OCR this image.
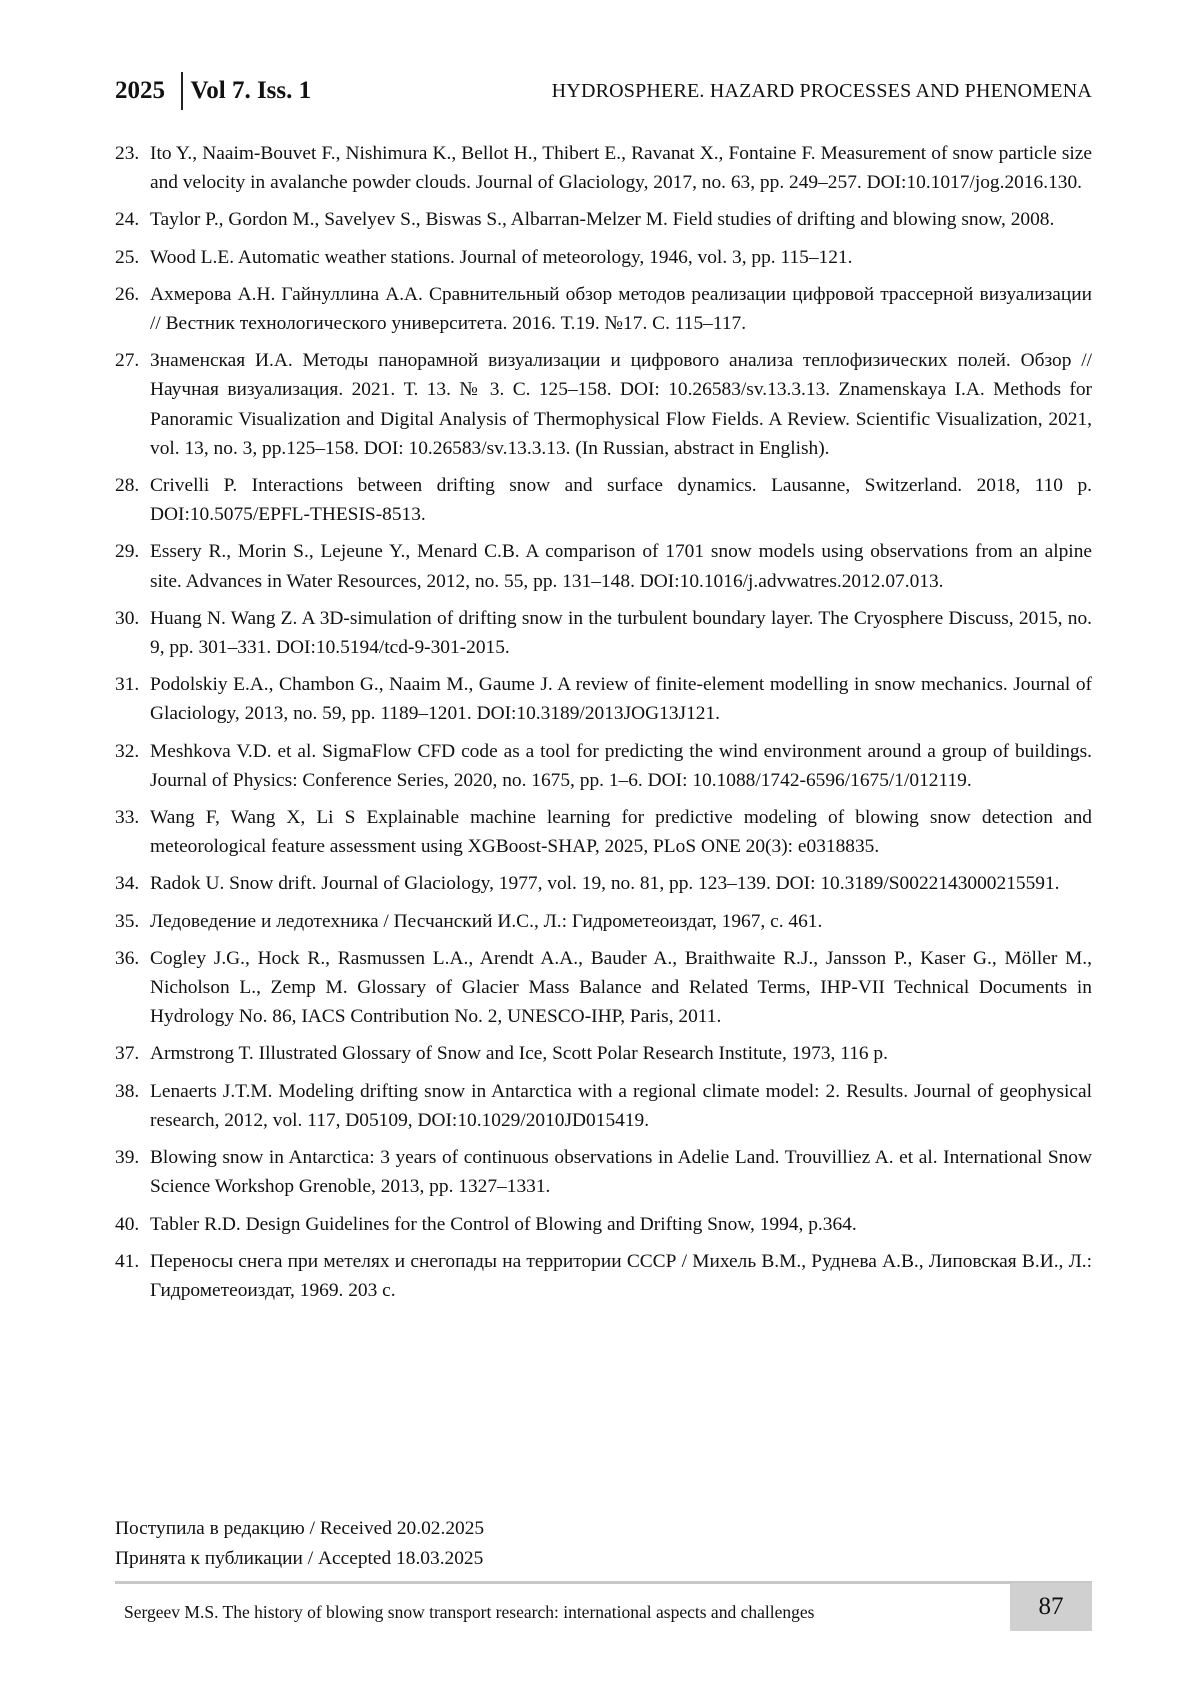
2025	Vol 7. Iss. 1	HYDROSPHERE. HAZARD PROCESSES AND PHENOMENA
23. Ito Y., Naaim-Bouvet F., Nishimura K., Bellot H., Thibert E., Ravanat X., Fontaine F. Measurement of snow particle size and velocity in avalanche powder clouds. Journal of Glaciology, 2017, no. 63, pp. 249–257. DOI:10.1017/jog.2016.130.
24. Taylor P., Gordon M., Savelyev S., Biswas S., Albarran-Melzer M. Field studies of drifting and blowing snow, 2008.
25. Wood L.E. Automatic weather stations. Journal of meteorology, 1946, vol. 3, pp. 115–121.
26. Ахмерова А.Н. Гайнуллина А.А. Сравнительный обзор методов реализации цифровой трассерной визуализации // Вестник технологического университета. 2016. Т.19. №17. С. 115–117.
27. Знаменская И.А. Методы панорамной визуализации и цифрового анализа теплофизических полей. Обзор // Научная визуализация. 2021. Т. 13. № 3. С. 125–158. DOI: 10.26583/sv.13.3.13. Znamenskaya I.A. Methods for Panoramic Visualization and Digital Analysis of Thermophysical Flow Fields. A Review. Scientific Visualization, 2021, vol. 13, no. 3, pp.125–158. DOI: 10.26583/sv.13.3.13. (In Russian, abstract in English).
28. Crivelli P. Interactions between drifting snow and surface dynamics. Lausanne, Switzerland. 2018, 110 p. DOI:10.5075/EPFL-THESIS-8513.
29. Essery R., Morin S., Lejeune Y., Menard C.B. A comparison of 1701 snow models using observations from an alpine site. Advances in Water Resources, 2012, no. 55, pp. 131–148. DOI:10.1016/j.advwatres.2012.07.013.
30. Huang N. Wang Z. A 3D-simulation of drifting snow in the turbulent boundary layer. The Cryosphere Discuss, 2015, no. 9, pp. 301–331. DOI:10.5194/tcd-9-301-2015.
31. Podolskiy E.A., Chambon G., Naaim M., Gaume J. A review of finite-element modelling in snow mechanics. Journal of Glaciology, 2013, no. 59, pp. 1189–1201. DOI:10.3189/2013JOG13J121.
32. Meshkova V.D. et al. SigmaFlow CFD code as a tool for predicting the wind environment around a group of buildings. Journal of Physics: Conference Series, 2020, no. 1675, pp. 1–6. DOI: 10.1088/1742-6596/1675/1/012119.
33. Wang F, Wang X, Li S Explainable machine learning for predictive modeling of blowing snow detection and meteorological feature assessment using XGBoost-SHAP, 2025, PLoS ONE 20(3): e0318835.
34. Radok U. Snow drift. Journal of Glaciology, 1977, vol. 19, no. 81, pp. 123–139. DOI: 10.3189/S0022143000215591.
35. Ледоведение и ледотехника / Песчанский И.С., Л.: Гидрометеоиздат, 1967, с. 461.
36. Cogley J.G., Hock R., Rasmussen L.A., Arendt A.A., Bauder A., Braithwaite R.J., Jansson P., Kaser G., Möller M., Nicholson L., Zemp M. Glossary of Glacier Mass Balance and Related Terms, IHP-VII Technical Documents in Hydrology No. 86, IACS Contribution No. 2, UNESCO-IHP, Paris, 2011.
37. Armstrong T. Illustrated Glossary of Snow and Ice, Scott Polar Research Institute, 1973, 116 p.
38. Lenaerts J.T.M. Modeling drifting snow in Antarctica with a regional climate model: 2. Results. Journal of geophysical research, 2012, vol. 117, D05109, DOI:10.1029/2010JD015419.
39. Blowing snow in Antarctica: 3 years of continuous observations in Adelie Land. Trouvilliez A. et al. International Snow Science Workshop Grenoble, 2013, pp. 1327–1331.
40. Tabler R.D. Design Guidelines for the Control of Blowing and Drifting Snow, 1994, p.364.
41. Переносы снега при метелях и снегопады на территории СССР / Михель В.М., Руднева А.В., Липовская В.И., Л.: Гидрометеоиздат, 1969. 203 с.
Поступила в редакцию / Received 20.02.2025
Принята к публикации / Accepted 18.03.2025
Sergeev M.S. The history of blowing snow transport research: international aspects and challenges	87
